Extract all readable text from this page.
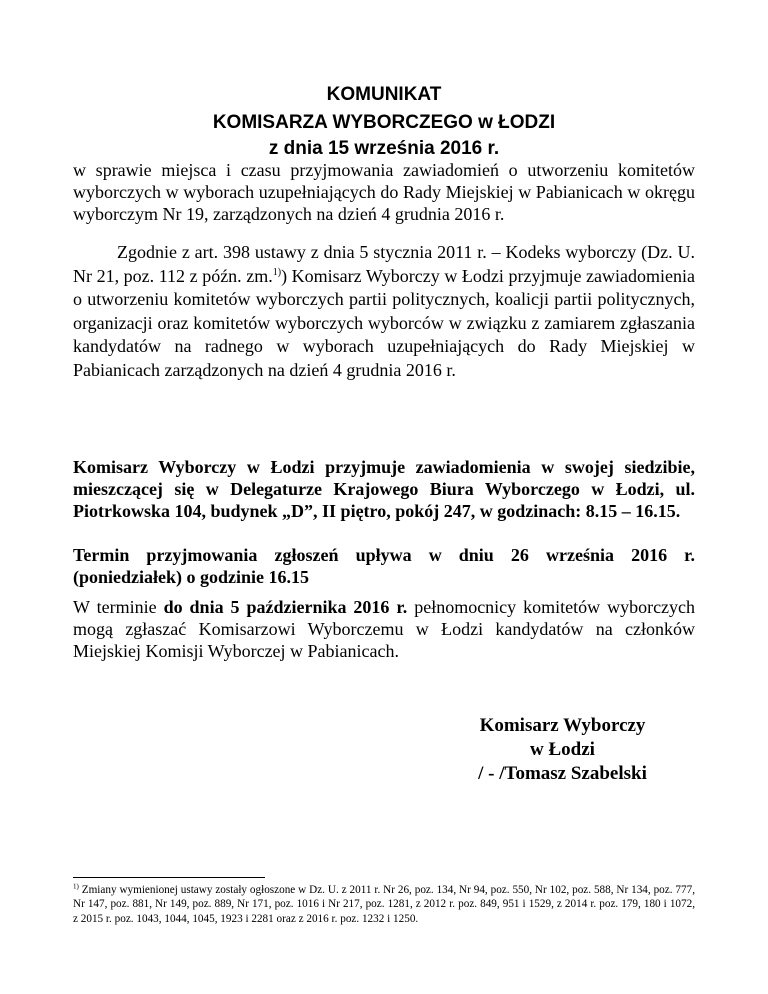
KOMUNIKAT
KOMISARZA WYBORCZEGO w ŁODZI
z dnia 15 września 2016 r.
w sprawie miejsca i czasu przyjmowania zawiadomień o utworzeniu komitetów wyborczych w wyborach uzupełniających do Rady Miejskiej w Pabianicach w okręgu wyborczym Nr 19, zarządzonych na dzień 4 grudnia 2016 r.
Zgodnie z art. 398 ustawy z dnia 5 stycznia 2011 r. – Kodeks wyborczy (Dz. U. Nr 21, poz. 112 z późn. zm.$^{1)}$) Komisarz Wyborczy w Łodzi przyjmuje zawiadomienia o utworzeniu komitetów wyborczych partii politycznych, koalicji partii politycznych, organizacji oraz komitetów wyborczych wyborców w związku z zamiarem zgłaszania kandydatów na radnego w wyborach uzupełniających do Rady Miejskiej w Pabianicach zarządzonych na dzień 4 grudnia 2016 r.
Komisarz Wyborczy w Łodzi przyjmuje zawiadomienia w swojej siedzibie, mieszczącej się w Delegaturze Krajowego Biura Wyborczego w Łodzi, ul. Piotrkowska 104, budynek „D”, II piętro, pokój 247, w godzinach: 8.15 – 16.15.
Termin przyjmowania zgłoszeń upływa w dniu 26 września 2016 r. (poniedziałek) o godzinie 16.15
W terminie do dnia 5 października 2016 r. pełnomocnicy komitetów wyborczych mogą zgłaszać Komisarzowi Wyborczemu w Łodzi kandydatów na członków Miejskiej Komisji Wyborczej w Pabianicach.
Komisarz Wyborczy
w Łodzi
/ - /Tomasz Szabelski
$^{1)}$ Zmiany wymienionej ustawy zostały ogłoszone w Dz. U. z 2011 r. Nr 26, poz. 134, Nr 94, poz. 550, Nr 102, poz. 588, Nr 134, poz. 777, Nr 147, poz. 881, Nr 149, poz. 889, Nr 171, poz. 1016 i Nr 217, poz. 1281, z 2012 r. poz. 849, 951 i 1529, z 2014 r. poz. 179, 180 i 1072, z 2015 r. poz. 1043, 1044, 1045, 1923 i 2281 oraz z 2016 r. poz. 1232 i 1250.
